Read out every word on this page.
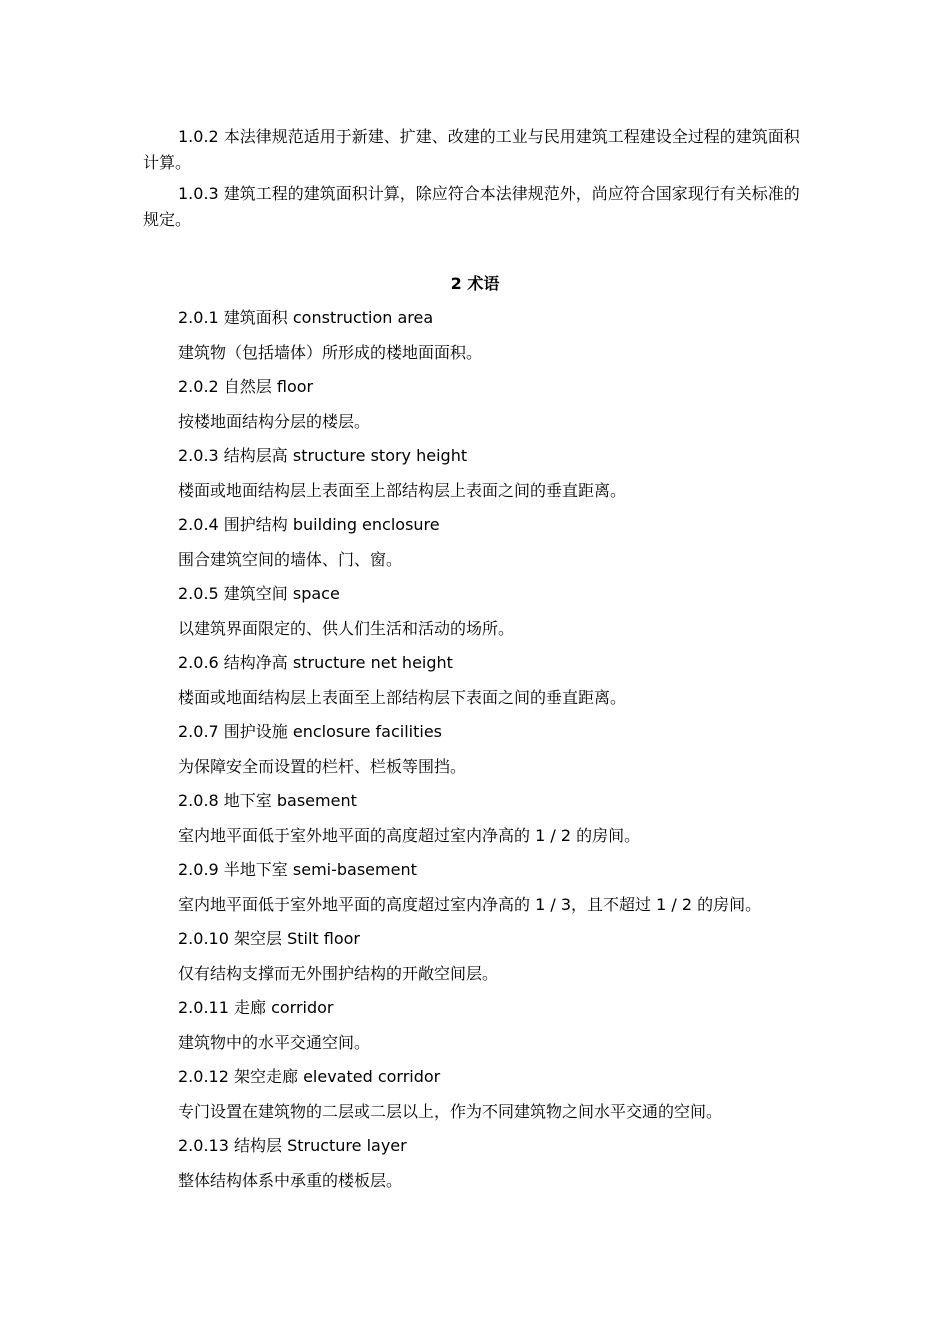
1.0.2 本法律规范适用于新建、扩建、改建的工业与民用建筑工程建设全过程的建筑面积计算。

1.0.3 建筑工程的建筑面积计算，除应符合本法律规范外，尚应符合国家现行有关标准的规定。

2 术语

2.0.1 建筑面积 construction area

建筑物（包括墙体）所形成的楼地面面积。

2.0.2 自然层 floor

按楼地面结构分层的楼层。

2.0.3 结构层高 structure story height

楼面或地面结构层上表面至上部结构层上表面之间的垂直距离。

2.0.4 围护结构 building enclosure

围合建筑空间的墙体、门、窗。

2.0.5 建筑空间 space

以建筑界面限定的、供人们生活和活动的场所。

2.0.6 结构净高 structure net height

楼面或地面结构层上表面至上部结构层下表面之间的垂直距离。

2.0.7 围护设施 enclosure facilities

为保障安全而设置的栏杆、栏板等围挡。

2.0.8 地下室 basement

室内地平面低于室外地平面的高度超过室内净高的 1 / 2 的房间。

2.0.9 半地下室 semi-basement

室内地平面低于室外地平面的高度超过室内净高的 1 / 3，且不超过 1 / 2 的房间。

2.0.10 架空层 Stilt floor

仅有结构支撑而无外围护结构的开敞空间层。

2.0.11 走廊 corridor

建筑物中的水平交通空间。

2.0.12 架空走廊 elevated corridor

专门设置在建筑物的二层或二层以上，作为不同建筑物之间水平交通的空间。

2.0.13 结构层 Structure layer

整体结构体系中承重的楼板层。
